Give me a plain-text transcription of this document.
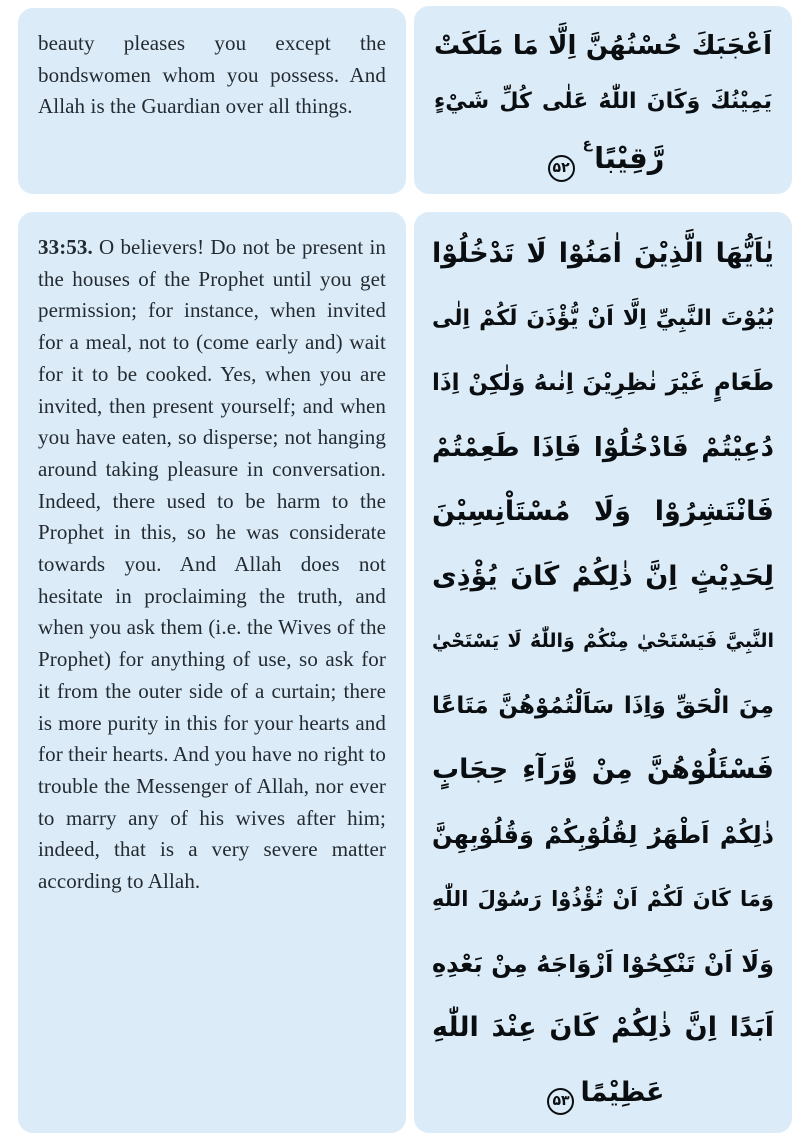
beauty pleases you except the bondswomen whom you possess. And Allah is the Guardian over all things.

اَعْجَبَكَ حُسْنُهُنَّ اِلَّا مَا مَلَكَتْ
يَمِيْنُكَ وَكَانَ اللّٰهُ عَلٰى كُلِّ شَيْءٍ
رَّقِيْبًاع۵۲

33:53. O believers! Do not be present in the houses of the Prophet until you get permission; for instance, when invited for a meal, not to (come early and) wait for it to be cooked. Yes, when you are invited, then present yourself; and when you have eaten, so disperse; not hanging around taking pleasure in conversation. Indeed, there used to be harm to the Prophet in this, so he was considerate towards you. And Allah does not hesitate in proclaiming the truth, and when you ask them (i.e. the Wives of the Prophet) for anything of use, so ask for it from the outer side of a curtain; there is more purity in this for your hearts and for their hearts. And you have no right to trouble the Messenger of Allah, nor ever to marry any of his wives after him; indeed, that is a very severe matter according to Allah.

يٰاَيُّهَا الَّذِيْنَ اٰمَنُوْا لَا تَدْخُلُوْا
بُيُوْتَ النَّبِيِّ اِلَّا اَنْ يُّؤْذَنَ لَكُمْ اِلٰى
طَعَامٍ غَيْرَ نٰظِرِيْنَ اِنٰىهُ وَلٰكِنْ اِذَا
دُعِيْتُمْ فَادْخُلُوْا فَاِذَا طَعِمْتُمْ
فَانْتَشِرُوْا وَلَا مُسْتَاْنِسِيْنَ
لِحَدِيْثٍ اِنَّ ذٰلِكُمْ كَانَ يُؤْذِى
النَّبِيَّ فَيَسْتَحْيٰ مِنْكُمْ وَاللّٰهُ لَا يَسْتَحْيٰ
مِنَ الْحَقِّ وَاِذَا سَاَلْتُمُوْهُنَّ مَتَاعًا
فَسْئَلُوْهُنَّ مِنْ وَّرَآءِ حِجَابٍ
ذٰلِكُمْ اَطْهَرُ لِقُلُوْبِكُمْ وَقُلُوْبِهِنَّ
وَمَا كَانَ لَكُمْ اَنْ تُؤْذُوْا رَسُوْلَ اللّٰهِ
وَلَا اَنْ تَنْكِحُوْا اَزْوَاجَهُ مِنْ بَعْدِهِ
اَبَدًا اِنَّ ذٰلِكُمْ كَانَ عِنْدَ اللّٰهِ
عَظِيْمًا۵۳
